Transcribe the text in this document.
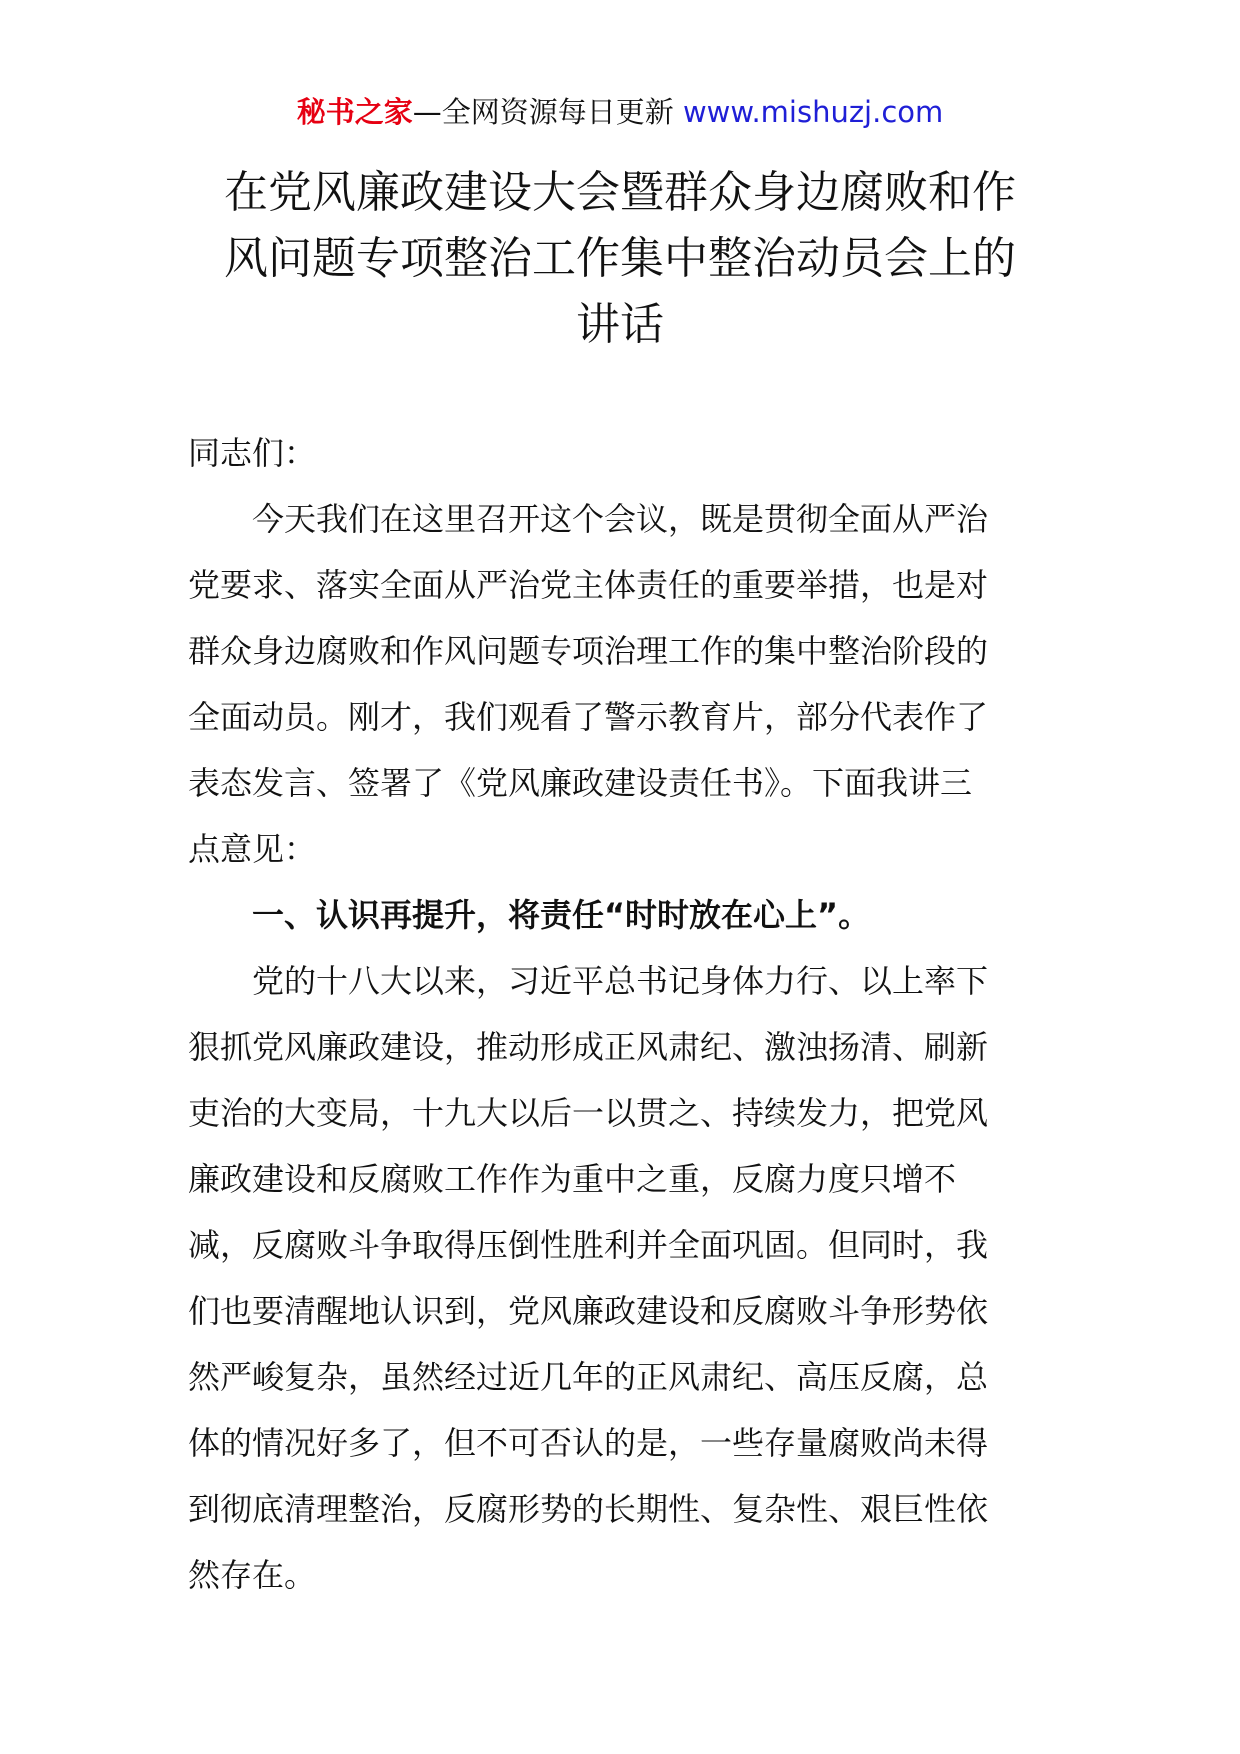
秘书之家—全网资源每日更新 www.mishuzj.com
在党风廉政建设大会暨群众身边腐败和作
风问题专项整治工作集中整治动员会上的
讲话

同志们：

今天我们在这里召开这个会议，既是贯彻全面从严治
党要求、落实全面从严治党主体责任的重要举措，也是对
群众身边腐败和作风问题专项治理工作的集中整治阶段的
全面动员。刚才，我们观看了警示教育片，部分代表作了
表态发言、签署了《党风廉政建设责任书》。下面我讲三
点意见：

一、认识再提升，将责任“时时放在心上”。

党的十八大以来，习近平总书记身体力行、以上率下
狠抓党风廉政建设，推动形成正风肃纪、激浊扬清、刷新
吏治的大变局，十九大以后一以贯之、持续发力，把党风
廉政建设和反腐败工作作为重中之重，反腐力度只增不
减，反腐败斗争取得压倒性胜利并全面巩固。但同时，我
们也要清醒地认识到，党风廉政建设和反腐败斗争形势依
然严峻复杂，虽然经过近几年的正风肃纪、高压反腐，总
体的情况好多了，但不可否认的是，一些存量腐败尚未得
到彻底清理整治，反腐形势的长期性、复杂性、艰巨性依
然存在。
